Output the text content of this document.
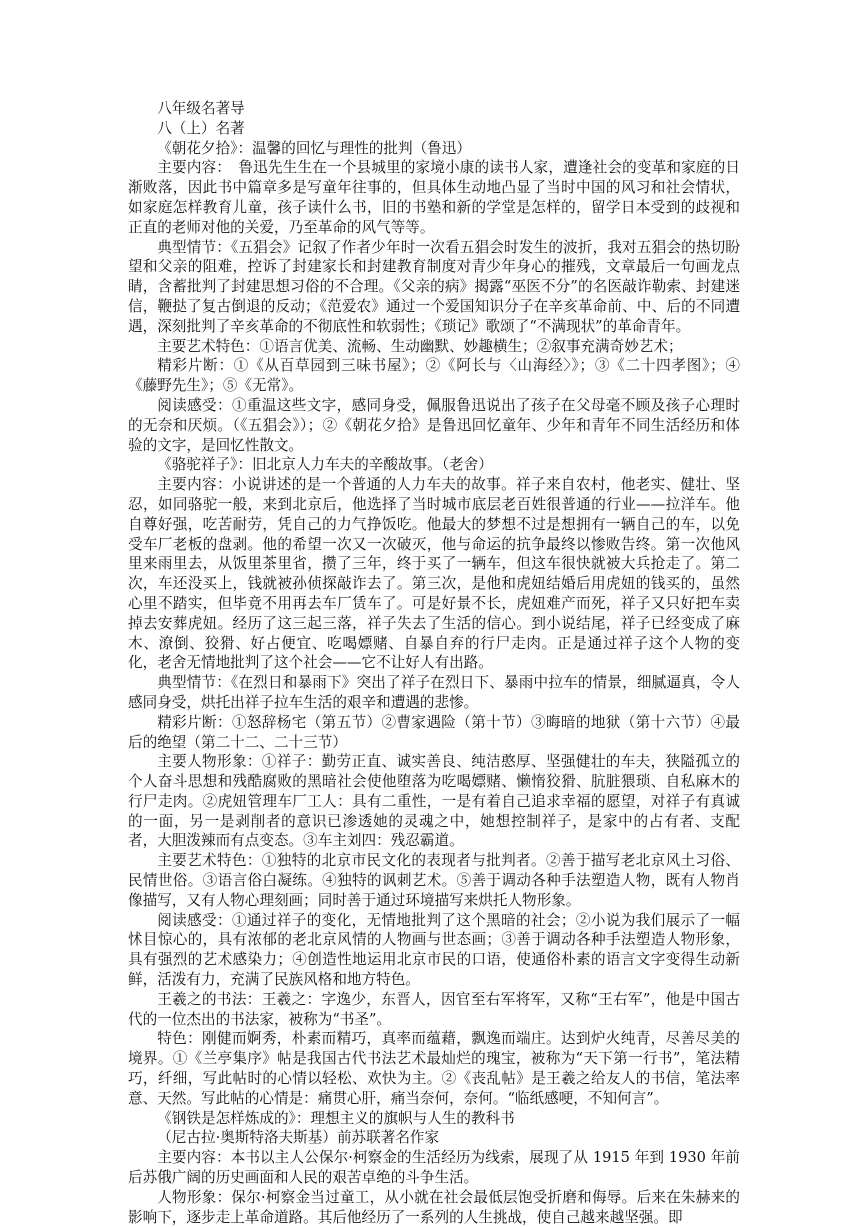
八年级名著导

八（上）名著

《朝花夕拾》：温馨的回忆与理性的批判（鲁迅）

主要内容：　鲁迅先生生在一个县城里的家境小康的读书人家，遭逢社会的变革和家庭的日渐败落，因此书中篇章多是写童年往事的，但具体生动地凸显了当时中国的风习和社会情状，如家庭怎样教育儿童，孩子读什么书，旧的书塾和新的学堂是怎样的，留学日本受到的歧视和正直的老师对他的关爱，乃至革命的风气等等。

典型情节：《五猖会》记叙了作者少年时一次看五猖会时发生的波折，我对五猖会的热切盼望和父亲的阻难，控诉了封建家长和封建教育制度对青少年身心的摧残，文章最后一句画龙点睛，含蓄批判了封建思想习俗的不合理。《父亲的病》揭露“巫医不分”的名医敲诈勒索、封建迷信，鞭挞了复古倒退的反动；《范爱农》通过一个爱国知识分子在辛亥革命前、中、后的不同遭遇，深刻批判了辛亥革命的不彻底性和软弱性；《琐记》歌颂了“不满现状”的革命青年。

主要艺术特色：①语言优美、流畅、生动幽默、妙趣横生；②叙事充满奇妙艺术；

精彩片断：①《从百草园到三味书屋》；②《阿长与〈山海经〉》；③《二十四孝图》；④《藤野先生》；⑤《无常》。

阅读感受：①重温这些文字，感同身受，佩服鲁迅说出了孩子在父母毫不顾及孩子心理时的无奈和厌烦。（《五猖会》）；②《朝花夕拾》是鲁迅回忆童年、少年和青年不同生活经历和体验的文字，是回忆性散文。

《骆驼祥子》：旧北京人力车夫的辛酸故事。（老舍）

主要内容：小说讲述的是一个普通的人力车夫的故事。祥子来自农村，他老实、健壮、坚忍，如同骆驼一般，来到北京后，他选择了当时城市底层老百姓很普通的行业——拉洋车。他自尊好强，吃苦耐劳，凭自己的力气挣饭吃。他最大的梦想不过是想拥有一辆自己的车，以免受车厂老板的盘剥。他的希望一次又一次破灭，他与命运的抗争最终以惨败告终。第一次他风里来雨里去，从饭里茶里省，攒了三年，终于买了一辆车，但这车很快就被大兵抢走了。第二次，车还没买上，钱就被孙侦探敲诈去了。第三次，是他和虎妞结婚后用虎妞的钱买的，虽然心里不踏实，但毕竟不用再去车厂赁车了。可是好景不长，虎妞难产而死，祥子又只好把车卖掉去安葬虎妞。经历了这三起三落，祥子失去了生活的信心。到小说结尾，祥子已经变成了麻木、潦倒、狡猾、好占便宜、吃喝嫖赌、自暴自弃的行尸走肉。正是通过祥子这个人物的变化，老舍无情地批判了这个社会——它不让好人有出路。

典型情节：《在烈日和暴雨下》突出了祥子在烈日下、暴雨中拉车的情景，细腻逼真，令人感同身受，烘托出祥子拉车生活的艰辛和遭遇的悲惨。

精彩片断：①怒辞杨宅（第五节）②曹家遇险（第十节）③晦暗的地狱（第十六节）④最后的绝望（第二十二、二十三节）

主要人物形象：①祥子：勤劳正直、诚实善良、纯洁憨厚、坚强健壮的车夫，狭隘孤立的个人奋斗思想和残酷腐败的黑暗社会使他堕落为吃喝嫖赌、懒惰狡猾、肮脏猥琐、自私麻木的行尸走肉。②虎妞管理车厂工人：具有二重性，一是有着自己追求幸福的愿望，对祥子有真诚的一面，另一是剥削者的意识已渗透她的灵魂之中，她想控制祥子，是家中的占有者、支配者，大胆泼辣而有点变态。③车主刘四：残忍霸道。

主要艺术特色：①独特的北京市民文化的表现者与批判者。②善于描写老北京风土习俗、民情世俗。③语言俗白凝练。④独特的讽刺艺术。⑤善于调动各种手法塑造人物，既有人物肖像描写，又有人物心理刻画；同时善于通过环境描写来烘托人物形象。

阅读感受：①通过祥子的变化，无情地批判了这个黑暗的社会；②小说为我们展示了一幅怵目惊心的，具有浓郁的老北京风情的人物画与世态画；③善于调动各种手法塑造人物形象，具有强烈的艺术感染力；④创造性地运用北京市民的口语，使通俗朴素的语言文字变得生动新鲜，活泼有力，充满了民族风格和地方特色。

王羲之的书法：王羲之：字逸少，东晋人，因官至右军将军，又称“王右军”，他是中国古代的一位杰出的书法家，被称为“书圣”。

特色：刚健而婀秀，朴素而精巧，真率而蕴藉，飘逸而端庄。达到炉火纯青，尽善尽美的境界。①《兰亭集序》帖是我国古代书法艺术最灿烂的瑰宝，被称为“天下第一行书”，笔法精巧，纤细，写此帖时的心情以轻松、欢快为主。②《丧乱帖》是王羲之给友人的书信，笔法率意、天然。写此帖的心情是：痛贯心肝，痛当奈何，奈何。“临纸感哽，不知何言”。

《钢铁是怎样炼成的》：理想主义的旗帜与人生的教科书

（尼古拉·奥斯特洛夫斯基）前苏联著名作家

主要内容：本书以主人公保尔·柯察金的生活经历为线索，展现了从 1915 年到 1930 年前后苏俄广阔的历史画面和人民的艰苦卓绝的斗争生活。

人物形象：保尔·柯察金当过童工，从小就在社会最低层饱受折磨和侮辱。后来在朱赫来的影响下，逐步走上革命道路。其后他经历了一系列的人生挑战，使自己越来越坚强。即
